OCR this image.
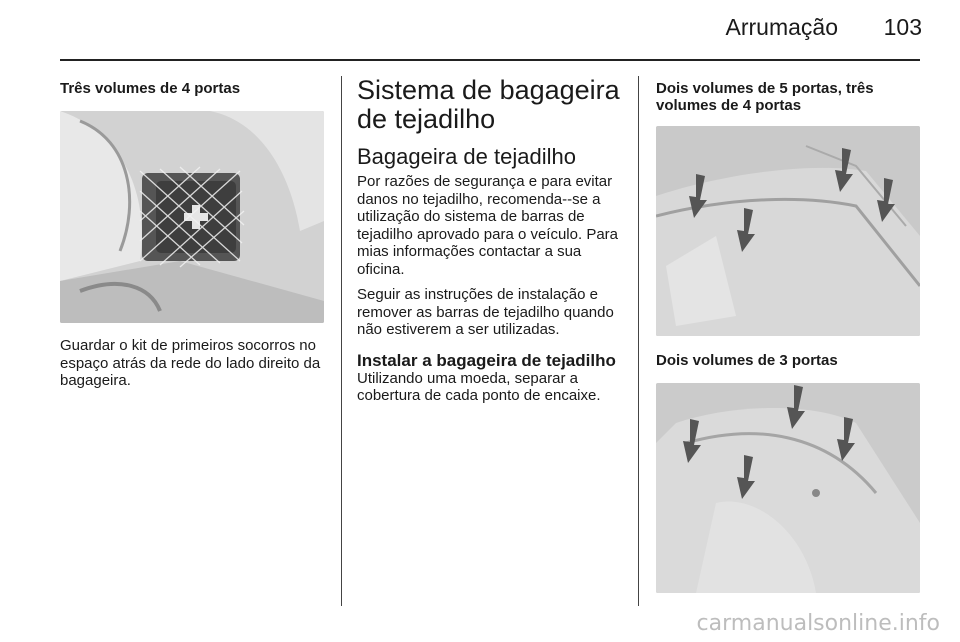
Arrumação 103
Três volumes de 4 portas

Guardar o kit de primeiros socorros no espaço atrás da rede do lado direito da bagageira.

Sistema de bagageira de tejadilho
Bagageira de tejadilho

Por razões de segurança e para evitar danos no tejadilho, recomenda--se a utilização do sistema de barras de tejadilho aprovado para o veículo. Para mias informações contactar a sua oficina.

Seguir as instruções de instalação e remover as barras de tejadilho quando não estiverem a ser utilizadas.

Instalar a bagageira de tejadilho

Utilizando uma moeda, separar a cobertura de cada ponto de encaixe.

Dois volumes de 5 portas, três volumes de 4 portas
Dois volumes de 3 portas
carmanualsonline.info
